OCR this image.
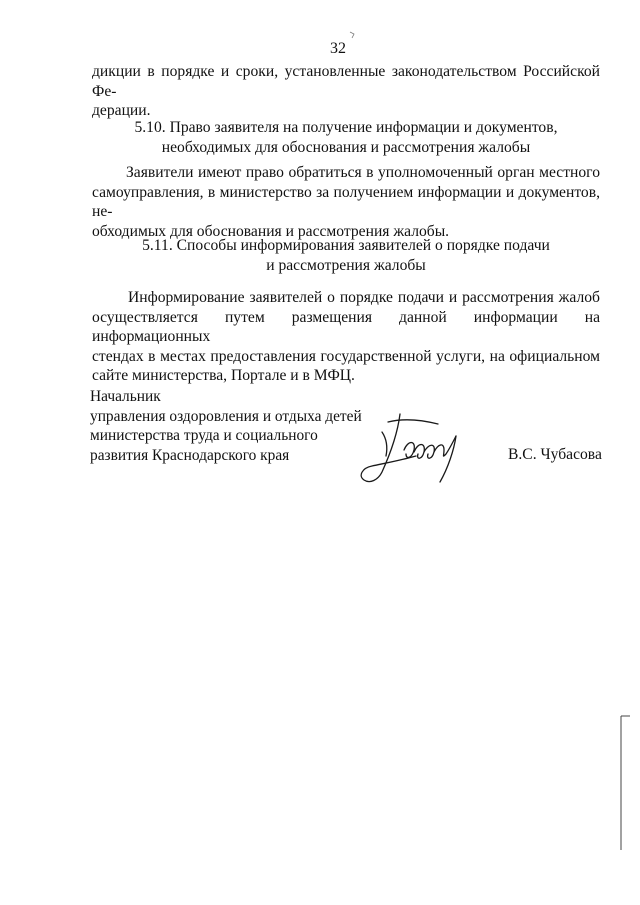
32
дикции в порядке и сроки, установленные законодательством Российской Фе-
дерации.
5.10. Право заявителя на получение информации и документов,
необходимых для обоснования и рассмотрения жалобы
Заявители имеют право обратиться в уполномоченный орган местного
самоуправления, в министерство за получением информации и документов, не-
обходимых для обоснования и рассмотрения жалобы.
5.11. Способы информирования заявителей о порядке подачи
и рассмотрения жалобы
Информирование заявителей о порядке подачи и рассмотрения жалоб
осуществляется путем размещения данной информации на информационных
стендах в местах предоставления государственной услуги, на официальном
сайте министерства, Портале и в МФЦ.
Начальник
управления оздоровления и отдыха детей
министерства труда и социального
развития Краснодарского края	В.С. Чубасова
